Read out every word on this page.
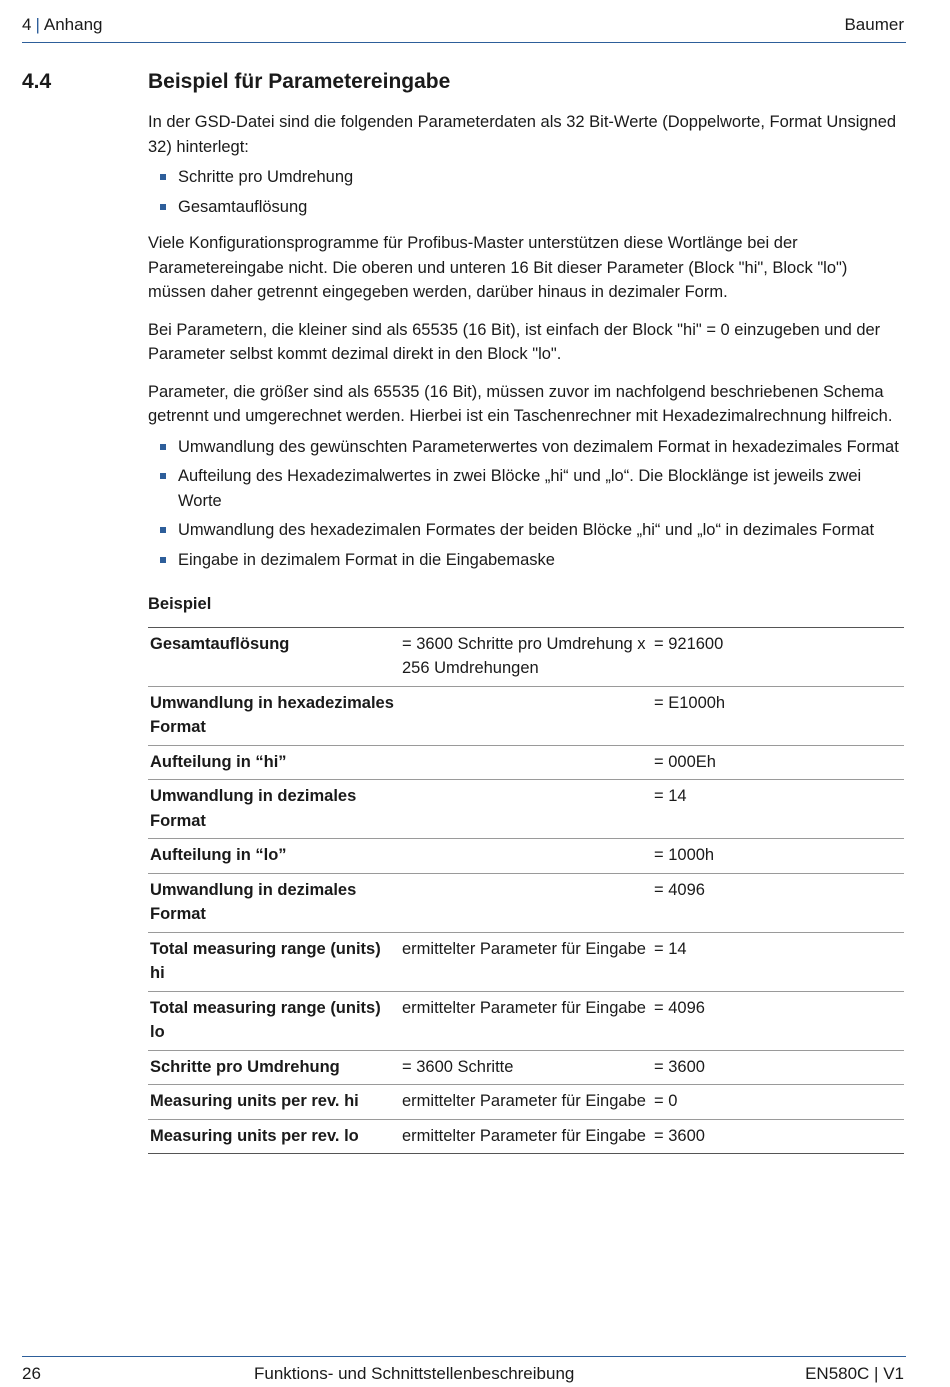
4 | Anhang	Baumer
4.4	Beispiel für Parametereingabe

In der GSD-Datei sind die folgenden Parameterdaten als 32 Bit-Werte (Doppelworte, Format Unsigned 32) hinterlegt:

Schritte pro Umdrehung
Gesamtauflösung

Viele Konfigurationsprogramme für Profibus-Master unterstützen diese Wortlänge bei der Parametereingabe nicht. Die oberen und unteren 16 Bit dieser Parameter (Block "hi", Block "lo") müssen daher getrennt eingegeben werden, darüber hinaus in dezimaler Form.

Bei Parametern, die kleiner sind als 65535 (16 Bit), ist einfach der Block "hi" = 0 einzugeben und der Parameter selbst kommt dezimal direkt in den Block "lo".

Parameter, die größer sind als 65535 (16 Bit), müssen zuvor im nachfolgend beschriebenen Schema getrennt und umgerechnet werden. Hierbei ist ein Taschenrechner mit Hexadezimalrechnung hilfreich.

Umwandlung des gewünschten Parameterwertes von dezimalem Format in hexadezimales Format
Aufteilung des Hexadezimalwertes in zwei Blöcke „hi“ und „lo“. Die Blocklänge ist jeweils zwei Worte
Umwandlung des hexadezimalen Formates der beiden Blöcke „hi“ und „lo“ in dezimales Format
Eingabe in dezimalem Format in die Eingabemaske

Beispiel

Gesamtauflösung	= 3600 Schritte pro Umdrehung x 256 Umdrehungen	= 921600
Umwandlung in hexadezimales Format		= E1000h
Aufteilung in “hi”		= 000Eh
Umwandlung in dezimales Format		= 14
Aufteilung in “lo”		= 1000h
Umwandlung in dezimales Format		= 4096
Total measuring range (units) hi	ermittelter Parameter für Eingabe	= 14
Total measuring range (units) lo	ermittelter Parameter für Eingabe	= 4096
Schritte pro Umdrehung	= 3600 Schritte	= 3600
Measuring units per rev. hi	ermittelter Parameter für Eingabe	= 0
Measuring units per rev. lo	ermittelter Parameter für Eingabe	= 3600
26	Funktions- und Schnittstellenbeschreibung	EN580C | V1
